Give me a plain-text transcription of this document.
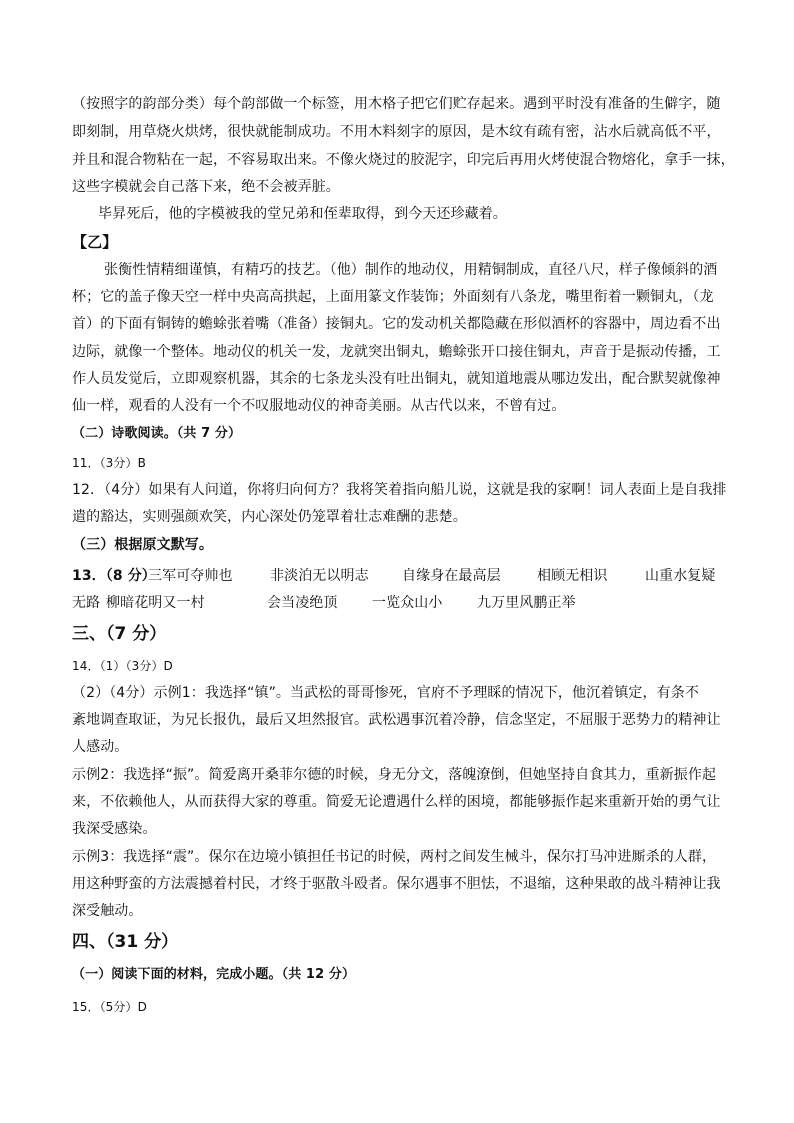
（按照字的韵部分类）每个韵部做一个标签，用木格子把它们贮存起来。遇到平时没有准备的生僻字，随
即刻制，用草烧火烘烤，很快就能制成功。不用木料刻字的原因，是木纹有疏有密，沾水后就高低不平，
并且和混合物粘在一起，不容易取出来。不像火烧过的胶泥字，印完后再用火烤使混合物熔化，拿手一抹，
这些字模就会自己落下来，绝不会被弄脏。
毕昇死后，他的字模被我的堂兄弟和侄辈取得，到今天还珍藏着。
【乙】
张衡性情精细谨慎，有精巧的技艺。（他）制作的地动仪，用精铜制成，直径八尺，样子像倾斜的酒
杯；它的盖子像天空一样中央高高拱起，上面用篆文作装饰；外面刻有八条龙，嘴里衔着一颗铜丸，（龙
首）的下面有铜铸的蟾蜍张着嘴（准备）接铜丸。它的发动机关都隐藏在形似酒杯的容器中，周边看不出
边际，就像一个整体。地动仪的机关一发，龙就突出铜丸，蟾蜍张开口接住铜丸，声音于是振动传播，工
作人员发觉后，立即观察机器，其余的七条龙头没有吐出铜丸，就知道地震从哪边发出，配合默契就像神
仙一样，观看的人没有一个不叹服地动仪的神奇美丽。从古代以来，不曾有过。
（二）诗歌阅读。（共 7 分）
11．（3分）B
12．（4分）如果有人问道，你将归向何方？我将笑着指向船儿说，这就是我的家啊！词人表面上是自我排
遣的豁达，实则强颜欢笑，内心深处仍笼罩着壮志难酬的悲楚。
（三）根据原文默写。
13．（8 分）三军可夺帅也	非淡泊无以明志 自缘身在最高层	相顾无相识	山重水复疑
无路 柳暗花明又一村	会当凌绝顶 一览众山小 九万里风鹏正举
三、（7 分）
14．（1）（3分）D
（2）（4分）示例1：我选择“镇”。当武松的哥哥惨死，官府不予理睬的情况下，他沉着镇定，有条不
紊地调查取证，为兄长报仇，最后又坦然报官。武松遇事沉着冷静，信念坚定，不屈服于恶势力的精神让
人感动。
示例2：我选择“振”。简爱离开桑菲尔德的时候，身无分文，落魄潦倒，但她坚持自食其力，重新振作起
来，不依赖他人，从而获得大家的尊重。简爱无论遭遇什么样的困境，都能够振作起来重新开始的勇气让
我深受感染。
示例3：我选择“震”。保尔在边境小镇担任书记的时候，两村之间发生械斗，保尔打马冲进厮杀的人群，
用这种野蛮的方法震撼着村民，才终于驱散斗殴者。保尔遇事不胆怯，不退缩，这种果敢的战斗精神让我
深受触动。
四、（31 分）
（一）阅读下面的材料，完成小题。（共 12 分）
15．（5分）D
